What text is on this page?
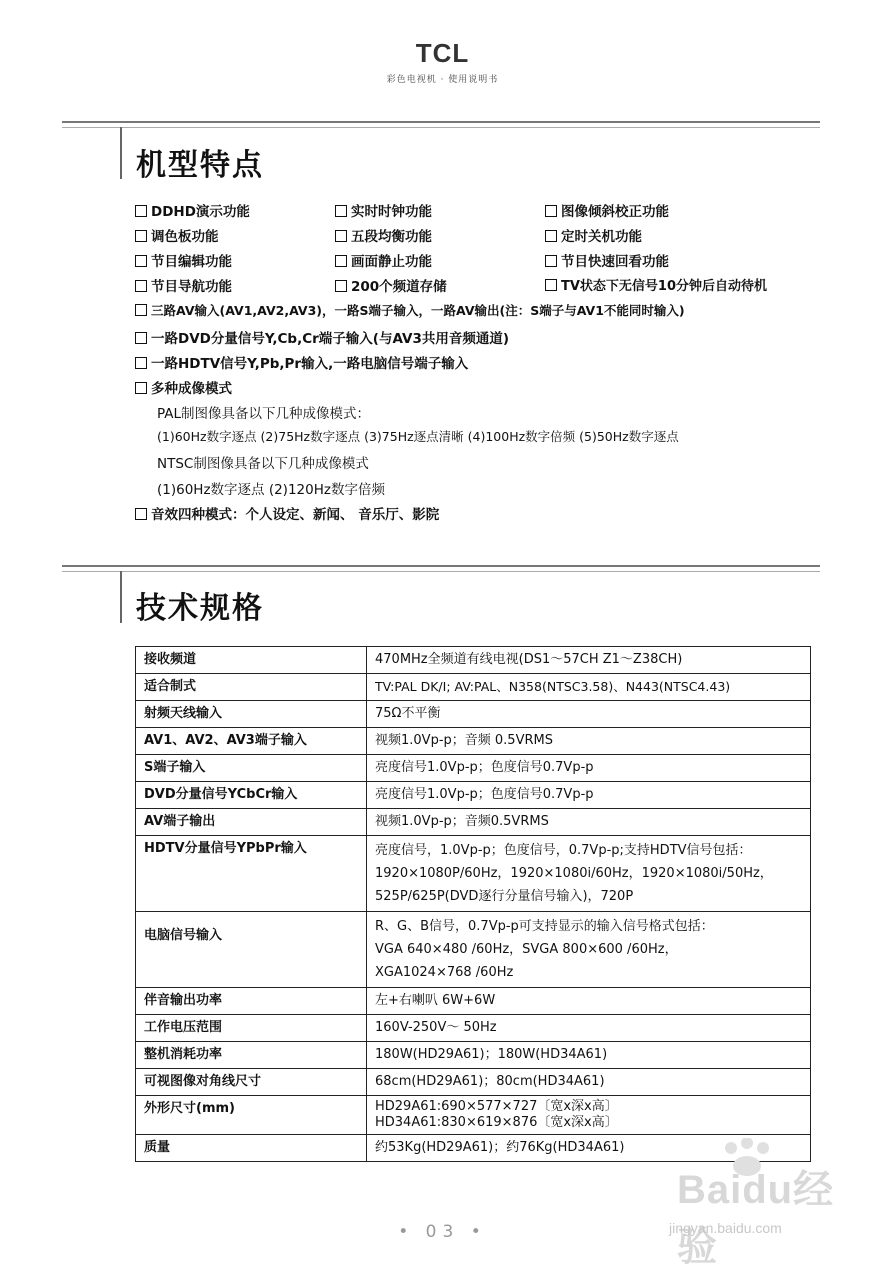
TCL
彩色电视机 · 使用说明书
机型特点
DDHD演示功能	实时时钟功能	图像倾斜校正功能
调色板功能	五段均衡功能	定时关机功能
节目编辑功能	画面静止功能	节目快速回看功能
节目导航功能	200个频道存储	TV状态下无信号10分钟后自动待机
三路AV输入(AV1,AV2,AV3)，一路S端子输入，一路AV输出(注：S端子与AV1不能同时输入)
一路DVD分量信号Y,Cb,Cr端子输入(与AV3共用音频通道)
一路HDTV信号Y,Pb,Pr输入,一路电脑信号端子输入
多种成像模式
PAL制图像具备以下几种成像模式：
(1)60Hz数字逐点 (2)75Hz数字逐点 (3)75Hz逐点清晰 (4)100Hz数字倍频 (5)50Hz数字逐点
NTSC制图像具备以下几种成像模式
(1)60Hz数字逐点 (2)120Hz数字倍频
音效四种模式：个人设定、新闻、 音乐厅、影院
技术规格
接收频道	470MHz全频道有线电视(DS1～57CH Z1～Z38CH)

适合制式	TV:PAL DK/I; AV:PAL、N358(NTSC3.58)、N443(NTSC4.43)

射频天线输入	75Ω不平衡

AV1、AV2、AV3端子输入	视频1.0Vp-p；音频 0.5VRMS

S端子输入	亮度信号1.0Vp-p；色度信号0.7Vp-p

DVD分量信号YCbCr输入	亮度信号1.0Vp-p；色度信号0.7Vp-p

AV端子输出	视频1.0Vp-p；音频0.5VRMS

HDTV分量信号YPbPr输入	亮度信号，1.0Vp-p；色度信号，0.7Vp-p;支持HDTV信号包括：
1920×1080P/60Hz，1920×1080i/60Hz，1920×1080i/50Hz，
525P/625P(DVD逐行分量信号输入)，720P

电脑信号输入	R、G、B信号，0.7Vp-p可支持显示的输入信号格式包括：
VGA 640×480 /60Hz，SVGA 800×600 /60Hz，
XGA1024×768 /60Hz

伴音输出功率	左+右喇叭 6W+6W

工作电压范围	160V-250V～ 50Hz

整机消耗功率	180W(HD29A61)；180W(HD34A61)

可视图像对角线尺寸	68cm(HD29A61)；80cm(HD34A61)

外形尺寸(mm)	HD29A61:690×577×727〔宽x深x高〕
HD34A61:830×619×876〔宽x深x高〕

质量	约53Kg(HD29A61)；约76Kg(HD34A61)
• 03 •
Baidu经验
jingyan.baidu.com
